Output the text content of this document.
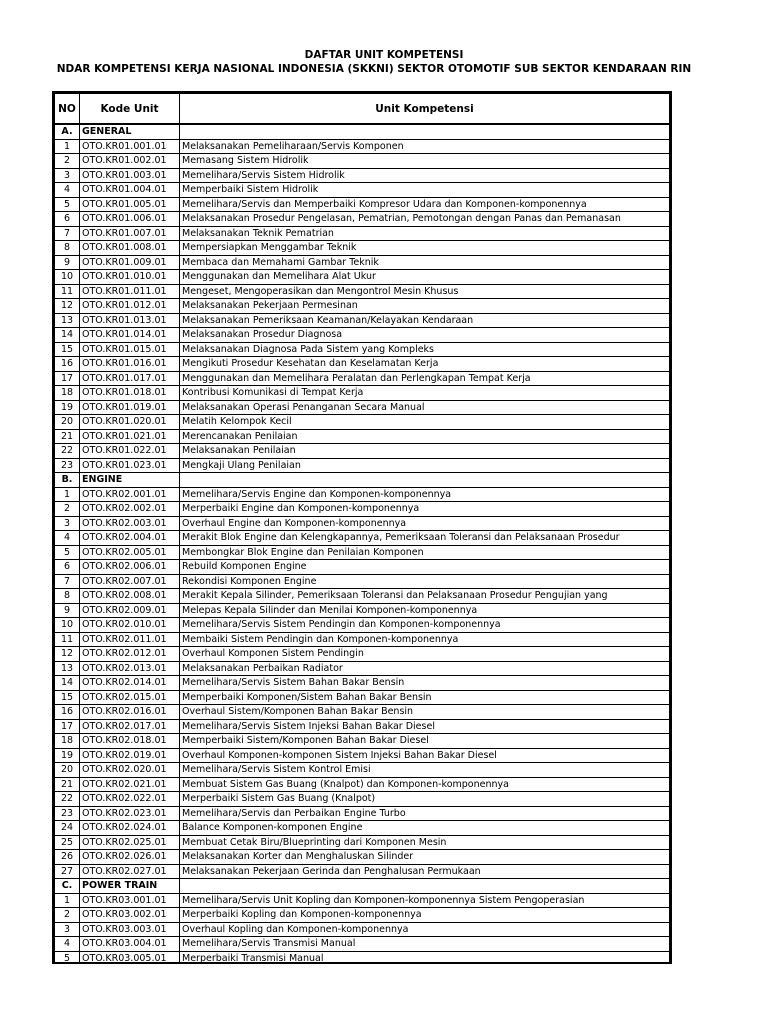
DAFTAR UNIT KOMPETENSI
NDAR KOMPETENSI KERJA NASIONAL INDONESIA (SKKNI) SEKTOR OTOMOTIF SUB SEKTOR KENDARAAN RIN
NO	Kode Unit	Unit Kompetensi
A.	GENERAL	
1	OTO.KR01.001.01	Melaksanakan Pemeliharaan/Servis Komponen
2	OTO.KR01.002.01	Memasang Sistem Hidrolik
3	OTO.KR01.003.01	Memelihara/Servis Sistem Hidrolik
4	OTO.KR01.004.01	Memperbaiki Sistem Hidrolik
5	OTO.KR01.005.01	Memelihara/Servis dan Memperbaiki Kompresor Udara dan Komponen-komponennya
6	OTO.KR01.006.01	Melaksanakan Prosedur Pengelasan, Pematrian, Pemotongan dengan Panas dan Pemanasan
7	OTO.KR01.007.01	Melaksanakan Teknik Pematrian
8	OTO.KR01.008.01	Mempersiapkan Menggambar Teknik
9	OTO.KR01.009.01	Membaca dan Memahami Gambar Teknik
10	OTO.KR01.010.01	Menggunakan dan Memelihara Alat Ukur
11	OTO.KR01.011.01	Mengeset, Mengoperasikan dan Mengontrol Mesin Khusus
12	OTO.KR01.012.01	Melaksanakan Pekerjaan Permesinan
13	OTO.KR01.013.01	Melaksanakan Pemeriksaan Keamanan/Kelayakan Kendaraan
14	OTO.KR01.014.01	Melaksanakan Prosedur Diagnosa
15	OTO.KR01.015.01	Melaksanakan Diagnosa Pada Sistem yang Kompleks
16	OTO.KR01.016.01	Mengikuti Prosedur Kesehatan dan Keselamatan Kerja
17	OTO.KR01.017.01	Menggunakan dan Memelihara Peralatan dan Perlengkapan Tempat Kerja
18	OTO.KR01.018.01	Kontribusi Komunikasi di Tempat Kerja
19	OTO.KR01.019.01	Melaksanakan Operasi Penanganan Secara Manual
20	OTO.KR01.020.01	Melatih Kelompok Kecil
21	OTO.KR01.021.01	Merencanakan Penilaian
22	OTO.KR01.022.01	Melaksanakan Penilaian
23	OTO.KR01.023.01	Mengkaji Ulang Penilaian
B.	ENGINE	
1	OTO.KR02.001.01	Memelihara/Servis Engine dan Komponen-komponennya
2	OTO.KR02.002.01	Merperbaiki Engine dan Komponen-komponennya
3	OTO.KR02.003.01	Overhaul Engine dan Komponen-komponennya
4	OTO.KR02.004.01	Merakit Blok Engine dan Kelengkapannya, Pemeriksaan Toleransi dan Pelaksanaan Prosedur
5	OTO.KR02.005.01	Membongkar Blok Engine dan Penilaian Komponen
6	OTO.KR02.006.01	Rebuild Komponen Engine
7	OTO.KR02.007.01	Rekondisi Komponen Engine
8	OTO.KR02.008.01	Merakit Kepala Silinder, Pemeriksaan Toleransi dan Pelaksanaan Prosedur Pengujian yang
9	OTO.KR02.009.01	Melepas Kepala Silinder dan Menilai Komponen-komponennya
10	OTO.KR02.010.01	Memelihara/Servis Sistem Pendingin dan Komponen-komponennya
11	OTO.KR02.011.01	Membaiki Sistem Pendingin dan Komponen-komponennya
12	OTO.KR02.012.01	Overhaul Komponen Sistem Pendingin
13	OTO.KR02.013.01	Melaksanakan Perbaikan Radiator
14	OTO.KR02.014.01	Memelihara/Servis Sistem Bahan Bakar Bensin
15	OTO.KR02.015.01	Memperbaiki Komponen/Sistem Bahan Bakar Bensin
16	OTO.KR02.016.01	Overhaul Sistem/Komponen Bahan Bakar Bensin
17	OTO.KR02.017.01	Memelihara/Servis Sistem Injeksi Bahan Bakar Diesel
18	OTO.KR02.018.01	Memperbaiki Sistem/Komponen Bahan Bakar Diesel
19	OTO.KR02.019.01	Overhaul Komponen-komponen Sistem Injeksi Bahan Bakar Diesel
20	OTO.KR02.020.01	Memelihara/Servis Sistem Kontrol Emisi
21	OTO.KR02.021.01	Membuat Sistem Gas Buang (Knalpot) dan Komponen-komponennya
22	OTO.KR02.022.01	Merperbaiki Sistem Gas Buang (Knalpot)
23	OTO.KR02.023.01	Memelihara/Servis dan Perbaikan Engine Turbo
24	OTO.KR02.024.01	Balance Komponen-komponen Engine
25	OTO.KR02.025.01	Membuat Cetak Biru/Blueprinting dari Komponen Mesin
26	OTO.KR02.026.01	Melaksanakan Korter dan Menghaluskan Silinder
27	OTO.KR02.027.01	Melaksanakan Pekerjaan Gerinda dan Penghalusan Permukaan
C.	POWER TRAIN	
1	OTO.KR03.001.01	Memelihara/Servis Unit Kopling dan Komponen-komponennya Sistem Pengoperasian
2	OTO.KR03.002.01	Merperbaiki Kopling dan Komponen-komponennya
3	OTO.KR03.003.01	Overhaul Kopling dan Komponen-komponennya
4	OTO.KR03.004.01	Memelihara/Servis Transmisi Manual
5	OTO.KR03.005.01	Merperbaiki Transmisi Manual
